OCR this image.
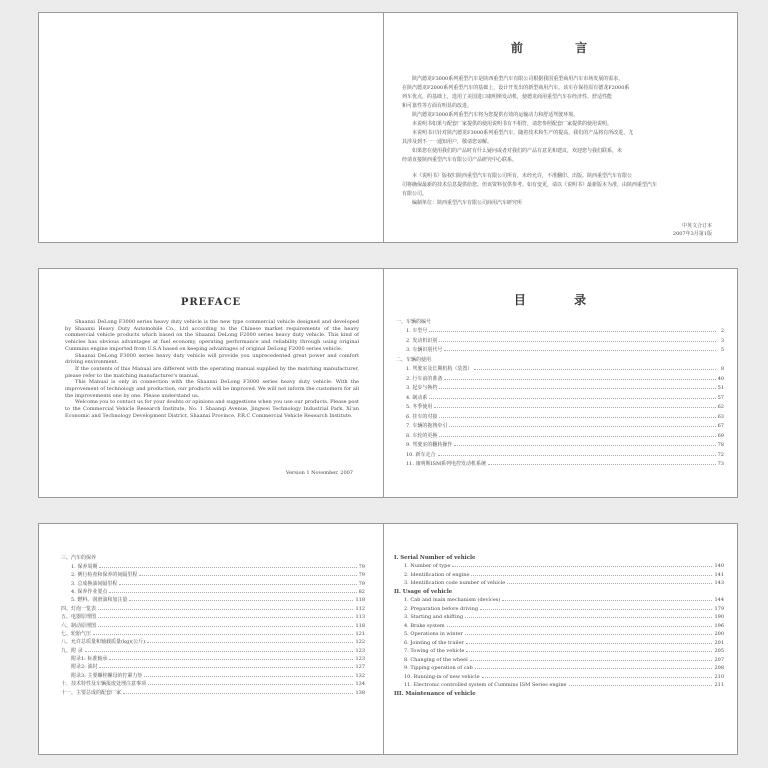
前 言

陕汽德龙F3000系列重型汽车是陕西重型汽车有限公司根据我国重型商用汽车市场发展的需求，

在陕汽德龙F2000系列重型汽车的基础上，设计开发出的新型商用汽车。该车在保持原有德龙F2000系

列车优点，的基础上，选用了美国进口康明斯发动机，使德龙商用重型汽车在经济性、舒适性能

和可靠性等方面有明显的改进。

陕汽德龙F3000系列重型汽车将为您提供有效的运输动力和舒适驾驶环境。

本说明书如果与配套厂家提供的使用说明书有不相符，请您参照配套厂家提供的使用说明。

本说明书只针对陕汽德龙F3000系列重型汽车，随着技术和生产的提高，我们的产品将有所改进，尤

其涉及到不一一通知用户，敬请您谅解。

如果您在使用我们的产品时有什么疑问或者对我们的产品有意见和建议，欢迎您与我们联系，未

经请直接陕西重型汽车有限公司产品研究中心联系。

本《说明书》版权归陕西重型汽车有限公司所有，未经允许，不准翻印、出版。陕西重型汽车有限公

司将确保最新的技术信息提供给您，但该资料仅供参考。如有变更，请以《说明书》最新版本为准，由陕西重型汽车

有限公司。

编制单位：陕西重型汽车有限公司商用汽车研究所

中英文合订本
2007年3月第1版
PREFACE

Shaanxi DeLong F3000 series heavy duty vehicle is the new type commercial vehicle designed and developed by Shaanxi Heavy Duty Automobile Co., Ltd according to the Chinese market requirements of the heavy commercial vehicle products which based on the Shaanxi DeLong F2000 series heavy duty vehicle. This kind of vehicles has obvious advantages at fuel economy, operating performance and reliability through using original Cummins engine imported from U.S.A based on keeping advantages of original DeLong F2000 series vehicle.

Shaanxi DeLong F3000 series heavy duty vehicle will provide you unprecedented great power and comfort driving environment.

If the contents of this Manual are different with the operating manual supplied by the matching manufacturer, please refer to the matching manufacturer's manual.

This Manual is only in connection with the Shaanxi DeLong F3000 series heavy duty vehicle. With the improvement of technology and production, our products will be improved. We will not inform the customers for all the improvements one by one. Please understand us.

Welcome you to contact us for your doubts or opinions and suggestions when you use our products. Please post to the Commercial Vehicle Research Institute, No. 1 Shaanqi Avenue, Jingwei Technology Industrial Park, Xi'an Economic and Technology Development District, Shaanxi Province, P.R.C Commercial Vehicle Research Institute.

Version 1 November, 2007
目 录
一、车辆的编号
1. 车型号	2
2. 发动机识别	3
3. 车辆识别代号	5
二、车辆的使用
1. 驾驶室及长期机构（装置）	8
2. 行车前的准备	40
3. 起步与换档	51
4. 制动系	57
5. 冬季使用	62
6. 挂车的对接	63
7. 车辆的拖拽牵引	67
8. 车轮的更换	69
9. 驾驶室的翻转操作	78
10. 新车走合	72
11. 康明斯ISM系列电控发动机系统	73
三、汽车的保养
1. 保养周期	79
2. 例行检查和保养的间隔里程	79
3. 总成换油间隔里程	79
4. 保养作业要点	82
5. 燃料、润滑油和加注量	118
四、灯泡一览表	112
五、电器原理图	113
六、制动原理图	118
七、轮胎气压	121
八、允许总质量和轴载质量(kg)(公斤)	122
九、附 录	123
附录1: 标准轴承	123
附录2: 油封	127
附录3: 主要螺栓螺母的拧紧力矩	132
十、技术特性及车辆报废处理注意事项	134
十一、主要总成的配套厂家	138
I. Serial Number of vehicle
1. Number of type	140
2. Identification of engine	141
3. Identification code number of vehicle	143
II. Usage of vehicle
1. Cab and main mechanism (devices)	144
2. Preparation before driving	179
3. Starting and shifting	190
4. Brake system	196
5. Operations in winter	200
6. Jointing of the trailer	201
7. Towing of the vehicle	205
8. Changing of the wheel	207
9. Tipping operation of cab	208
10. Running-in of new vehicle	210
11. Electronic controlled system of Cummins ISM Series engine	211
III. Maintenance of vehicle
